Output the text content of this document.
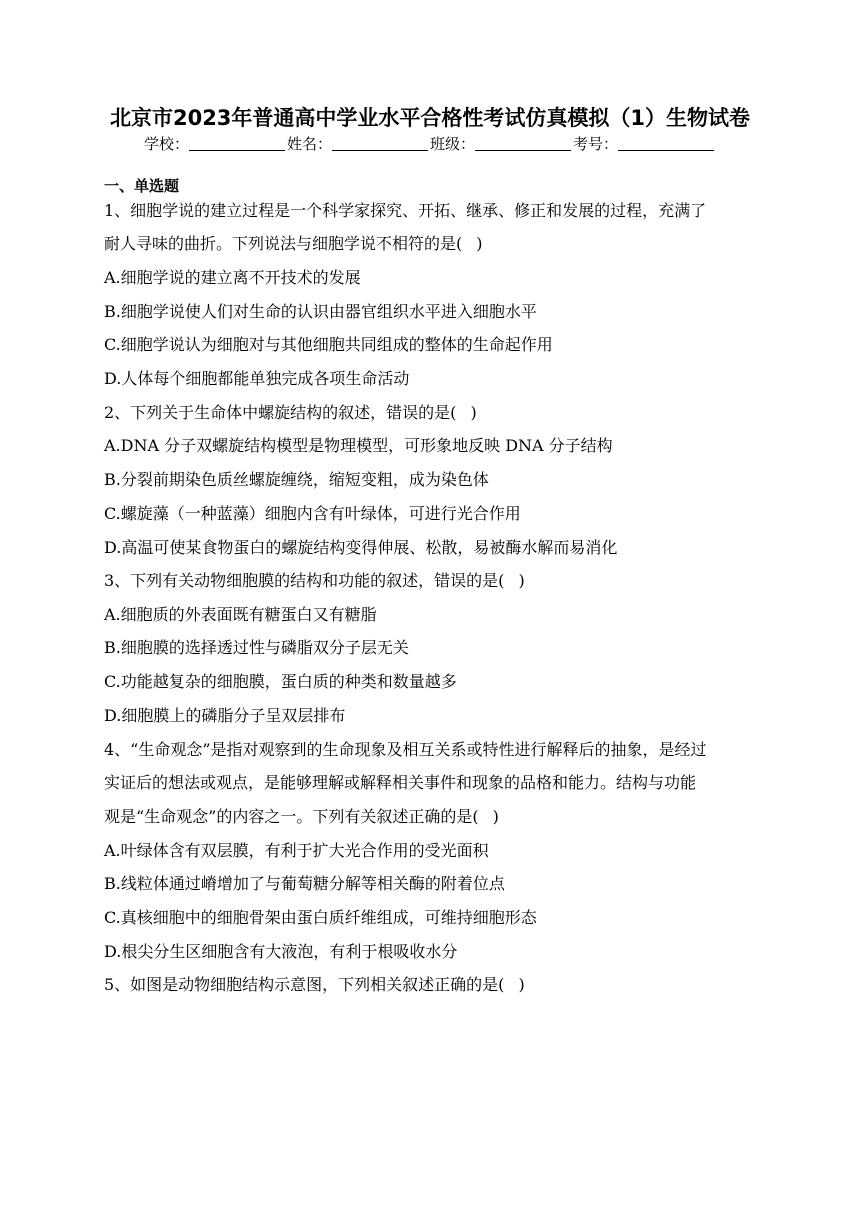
北京市2023年普通高中学业水平合格性考试仿真模拟（1）生物试卷
学校：	姓名：	班级：	考号：
一、单选题
1、细胞学说的建立过程是一个科学家探究、开拓、继承、修正和发展的过程，充满了
耐人寻味的曲折。下列说法与细胞学说不相符的是( )
A.细胞学说的建立离不开技术的发展
B.细胞学说使人们对生命的认识由器官组织水平进入细胞水平
C.细胞学说认为细胞对与其他细胞共同组成的整体的生命起作用
D.人体每个细胞都能单独完成各项生命活动
2、下列关于生命体中螺旋结构的叙述，错误的是( )
A.DNA 分子双螺旋结构模型是物理模型，可形象地反映 DNA 分子结构
B.分裂前期染色质丝螺旋缠绕，缩短变粗，成为染色体
C.螺旋藻（一种蓝藻）细胞内含有叶绿体，可进行光合作用
D.高温可使某食物蛋白的螺旋结构变得伸展、松散，易被酶水解而易消化
3、下列有关动物细胞膜的结构和功能的叙述，错误的是( )
A.细胞质的外表面既有糖蛋白又有糖脂
B.细胞膜的选择透过性与磷脂双分子层无关
C.功能越复杂的细胞膜，蛋白质的种类和数量越多
D.细胞膜上的磷脂分子呈双层排布
4、“生命观念”是指对观察到的生命现象及相互关系或特性进行解释后的抽象，是经过
实证后的想法或观点，是能够理解或解释相关事件和现象的品格和能力。结构与功能
观是“生命观念”的内容之一。下列有关叙述正确的是( )
A.叶绿体含有双层膜，有利于扩大光合作用的受光面积
B.线粒体通过嵴增加了与葡萄糖分解等相关酶的附着位点
C.真核细胞中的细胞骨架由蛋白质纤维组成，可维持细胞形态
D.根尖分生区细胞含有大液泡，有利于根吸收水分
5、如图是动物细胞结构示意图，下列相关叙述正确的是( )
